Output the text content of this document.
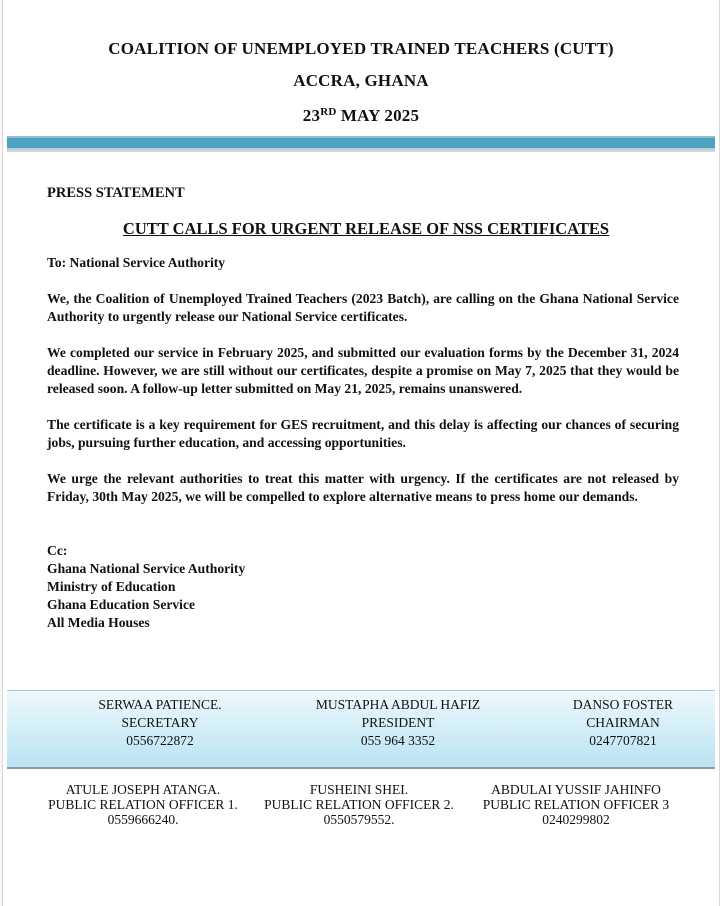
COALITION OF UNEMPLOYED TRAINED TEACHERS (CUTT)
ACCRA, GHANA
23RD MAY 2025
PRESS STATEMENT
CUTT CALLS FOR URGENT RELEASE OF NSS CERTIFICATES
To: National Service Authority
We, the Coalition of Unemployed Trained Teachers (2023 Batch), are calling on the Ghana National Service Authority to urgently release our National Service certificates.
We completed our service in February 2025, and submitted our evaluation forms by the December 31, 2024 deadline. However, we are still without our certificates, despite a promise on May 7, 2025 that they would be released soon. A follow-up letter submitted on May 21, 2025, remains unanswered.
The certificate is a key requirement for GES recruitment, and this delay is affecting our chances of securing jobs, pursuing further education, and accessing opportunities.
We urge the relevant authorities to treat this matter with urgency. If the certificates are not released by Friday, 30th May 2025, we will be compelled to explore alternative means to press home our demands.
Cc:
Ghana National Service Authority
Ministry of Education
Ghana Education Service
All Media Houses
SERWAA PATIENCE.
SECRETARY
0556722872
MUSTAPHA ABDUL HAFIZ
PRESIDENT
055 964 3352
DANSO FOSTER
CHAIRMAN
0247707821
ATULE JOSEPH ATANGA.
PUBLIC RELATION OFFICER 1.
0559666240.
FUSHEINI SHEI.
PUBLIC RELATION OFFICER 2.
0550579552.
ABDULAI YUSSIF JAHINFO
PUBLIC RELATION OFFICER 3
0240299802
